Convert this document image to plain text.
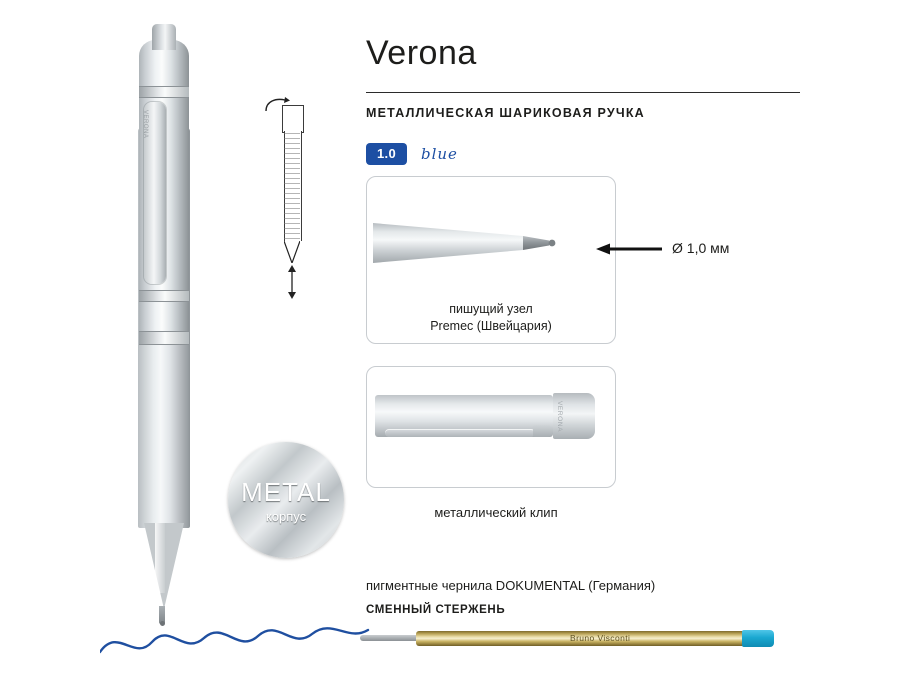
VERONA
Verona
МЕТАЛЛИЧЕСКАЯ ШАРИКОВАЯ РУЧКА
1.0	blue
пишущий узел
Premec (Швейцария)
Ø 1,0 мм
VERONA
металлический клип
METAL
корпус
пигментные чернила DOKUMENTAL (Германия)
СМЕННЫЙ СТЕРЖЕНЬ
Bruno Visconti
